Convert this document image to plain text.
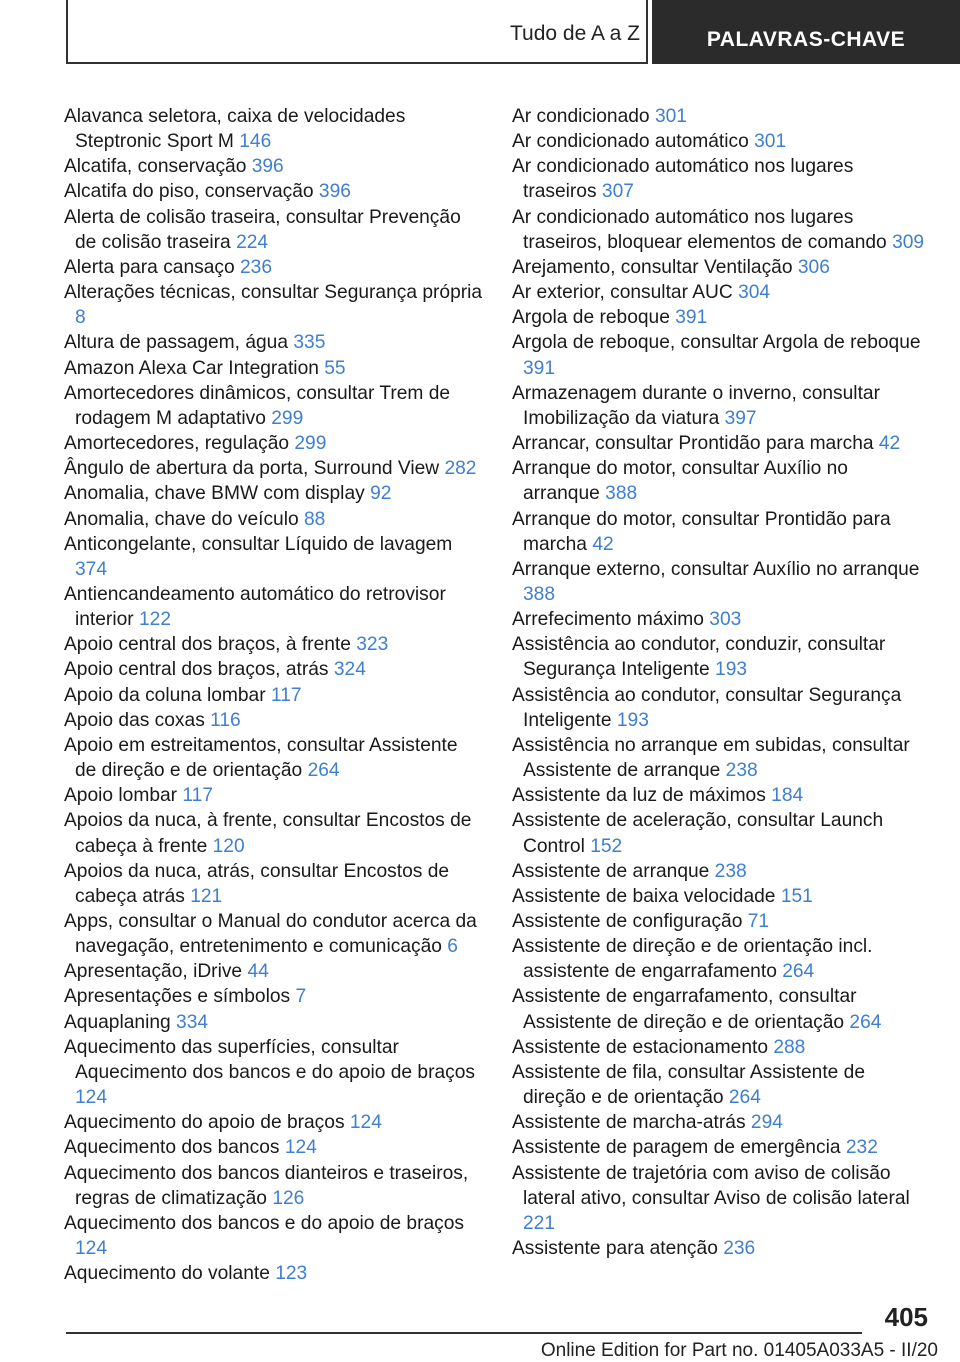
Tudo de A a Z	PALAVRAS-CHAVE
Alavanca seletora, caixa de velocidades Steptronic Sport M 146
Alcatifa, conservação 396
Alcatifa do piso, conservação 396
Alerta de colisão traseira, consultar Prevenção de colisão traseira 224
Alerta para cansaço 236
Alterações técnicas, consultar Segurança própria 8
Altura de passagem, água 335
Amazon Alexa Car Integration 55
Amortecedores dinâmicos, consultar Trem de rodagem M adaptativo 299
Amortecedores, regulação 299
Ângulo de abertura da porta, Surround View 282
Anomalia, chave BMW com display 92
Anomalia, chave do veículo 88
Anticongelante, consultar Líquido de lavagem 374
Antiencandeamento automático do retrovisor interior 122
Apoio central dos braços, à frente 323
Apoio central dos braços, atrás 324
Apoio da coluna lombar 117
Apoio das coxas 116
Apoio em estreitamentos, consultar Assistente de direção e de orientação 264
Apoio lombar 117
Apoios da nuca, à frente, consultar Encostos de cabeça à frente 120
Apoios da nuca, atrás, consultar Encostos de cabeça atrás 121
Apps, consultar o Manual do condutor acerca da navegação, entretenimento e comunicação 6
Apresentação, iDrive 44
Apresentações e símbolos 7
Aquaplaning 334
Aquecimento das superfícies, consultar Aquecimento dos bancos e do apoio de braços 124
Aquecimento do apoio de braços 124
Aquecimento dos bancos 124
Aquecimento dos bancos dianteiros e traseiros, regras de climatização 126
Aquecimento dos bancos e do apoio de braços 124
Aquecimento do volante 123
Ar condicionado 301
Ar condicionado automático 301
Ar condicionado automático nos lugares traseiros 307
Ar condicionado automático nos lugares traseiros, bloquear elementos de comando 309
Arejamento, consultar Ventilação 306
Ar exterior, consultar AUC 304
Argola de reboque 391
Argola de reboque, consultar Argola de reboque 391
Armazenagem durante o inverno, consultar Imobilização da viatura 397
Arrancar, consultar Prontidão para marcha 42
Arranque do motor, consultar Auxílio no arranque 388
Arranque do motor, consultar Prontidão para marcha 42
Arranque externo, consultar Auxílio no arranque 388
Arrefecimento máximo 303
Assistência ao condutor, conduzir, consultar Segurança Inteligente 193
Assistência ao condutor, consultar Segurança Inteligente 193
Assistência no arranque em subidas, consultar Assistente de arranque 238
Assistente da luz de máximos 184
Assistente de aceleração, consultar Launch Control 152
Assistente de arranque 238
Assistente de baixa velocidade 151
Assistente de configuração 71
Assistente de direção e de orientação incl. assistente de engarrafamento 264
Assistente de engarrafamento, consultar Assistente de direção e de orientação 264
Assistente de estacionamento 288
Assistente de fila, consultar Assistente de direção e de orientação 264
Assistente de marcha-atrás 294
Assistente de paragem de emergência 232
Assistente de trajetória com aviso de colisão lateral ativo, consultar Aviso de colisão lateral 221
Assistente para atenção 236
405
Online Edition for Part no. 01405A033A5 - II/20
